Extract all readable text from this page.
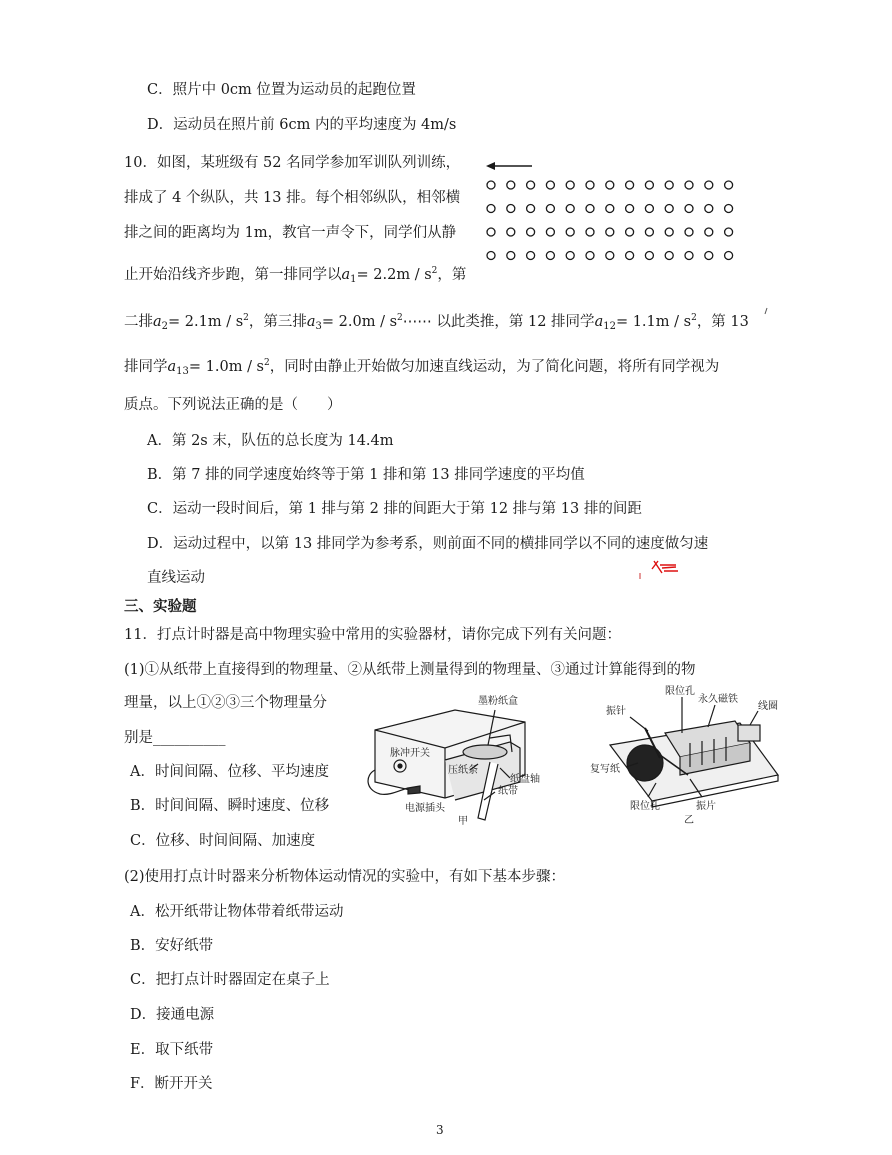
C．照片中 0cm 位置为运动员的起跑位置
D．运动员在照片前 6cm 内的平均速度为 4m/s
10．如图，某班级有 52 名同学参加军训队列训练，
排成了 4 个纵队，共 13 排。每个相邻纵队，相邻横
排之间的距离均为 1m，教官一声令下，同学们从静
止开始沿线齐步跑，第一排同学以$a_1= 2.2m / s^2$，第
二排$a_2= 2.1m / s^2$，第三排$a_3= 2.0m$ / $s^2\cdots\cdots$ 以此类推，第 12 排同学$a_{12}= 1.1m / s^2$，第 13
排同学$a_{13}= 1.0m / s^2$，同时由静止开始做匀加速直线运动，为了简化问题，将所有同学视为
质点。下列说法正确的是（　　）
A．第 2s 末，队伍的总长度为 14.4m
B．第 7 排的同学速度始终等于第 1 排和第 13 排同学速度的平均值
C．运动一段时间后，第 1 排与第 2 排的间距大于第 12 排与第 13 排的间距
D．运动过程中，以第 13 排同学为参考系，则前面不同的横排同学以不同的速度做匀速
直线运动
三、实验题
11．打点计时器是高中物理实验中常用的实验器材，请你完成下列有关问题：
(1)①从纸带上直接得到的物理量、②从纸带上测量得到的物理量、③通过计算能得到的物
理量，以上①②③三个物理量分
别是__________
A．时间间隔、位移、平均速度
B．时间间隔、瞬时速度、位移
C．位移、时间间隔、加速度
(2)使用打点计时器来分析物体运动情况的实验中，有如下基本步骤：
A．松开纸带让物体带着纸带运动
B．安好纸带
C．把打点计时器固定在桌子上
D．接通电源
E．取下纸带
F．断开开关
脉冲开关
墨粉纸盒
压纸条
纸盘轴
纸带
电源插头
甲
限位孔
永久磁铁
振针	线圈
复写纸
限位孔	振片
乙
3
